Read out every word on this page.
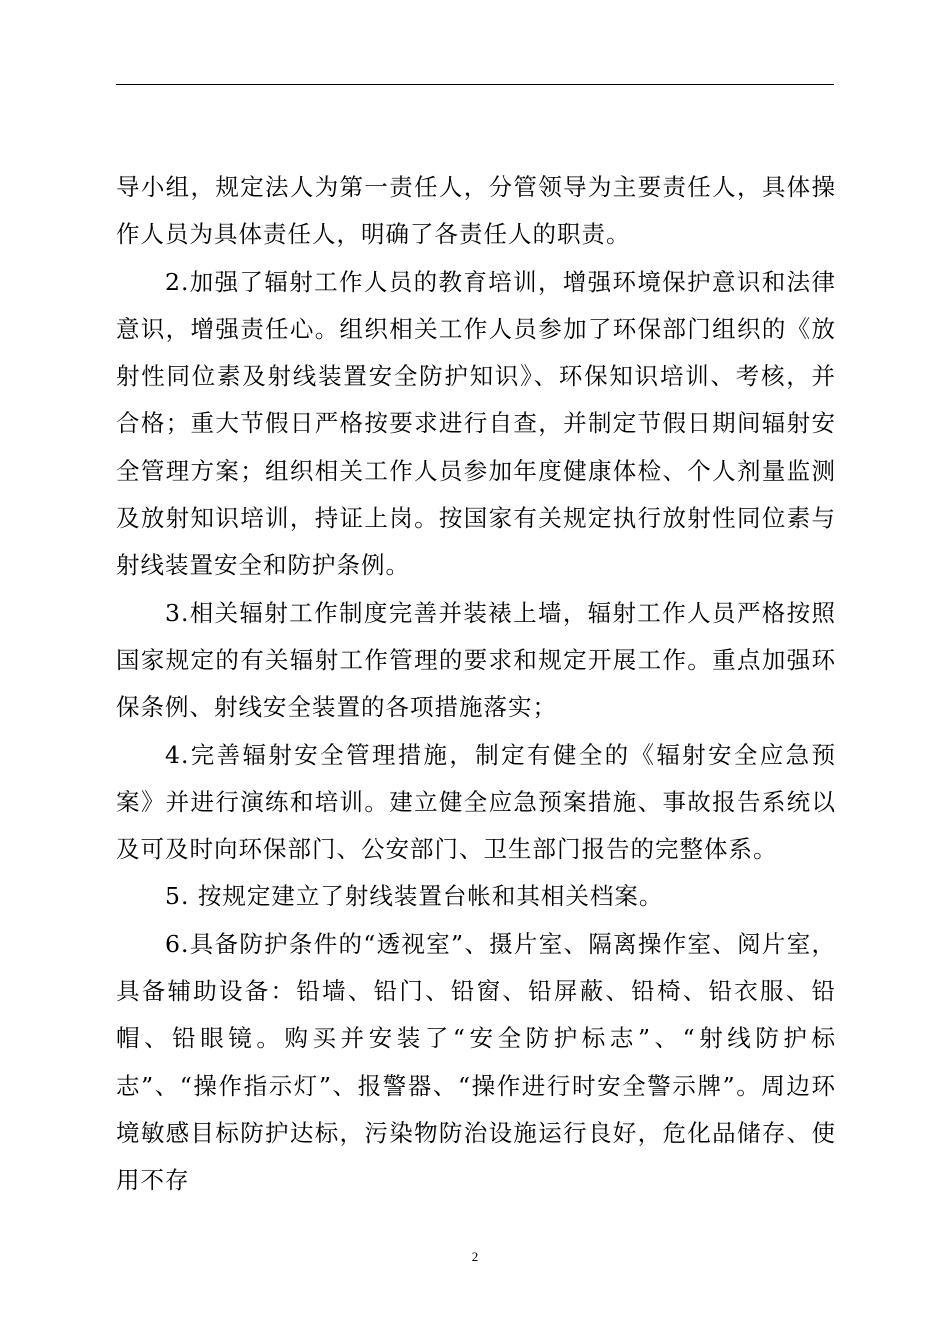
导小组，规定法人为第一责任人，分管领导为主要责任人，具体操作人员为具体责任人，明确了各责任人的职责。

2.加强了辐射工作人员的教育培训，增强环境保护意识和法律意识，增强责任心。组织相关工作人员参加了环保部门组织的《放射性同位素及射线装置安全防护知识》、环保知识培训、考核，并合格；重大节假日严格按要求进行自查，并制定节假日期间辐射安全管理方案；组织相关工作人员参加年度健康体检、个人剂量监测及放射知识培训，持证上岗。按国家有关规定执行放射性同位素与射线装置安全和防护条例。

3.相关辐射工作制度完善并装裱上墙，辐射工作人员严格按照国家规定的有关辐射工作管理的要求和规定开展工作。重点加强环保条例、射线安全装置的各项措施落实；

4.完善辐射安全管理措施，制定有健全的《辐射安全应急预案》并进行演练和培训。建立健全应急预案措施、事故报告系统以及可及时向环保部门、公安部门、卫生部门报告的完整体系。

5. 按规定建立了射线装置台帐和其相关档案。

6.具备防护条件的“透视室”、摄片室、隔离操作室、阅片室，具备辅助设备：铅墙、铅门、铅窗、铅屏蔽、铅椅、铅衣服、铅帽、铅眼镜。购买并安装了“安全防护标志”、“射线防护标志”、“操作指示灯”、报警器、“操作进行时安全警示牌”。周边环境敏感目标防护达标，污染物防治设施运行良好，危化品储存、使用不存

2
